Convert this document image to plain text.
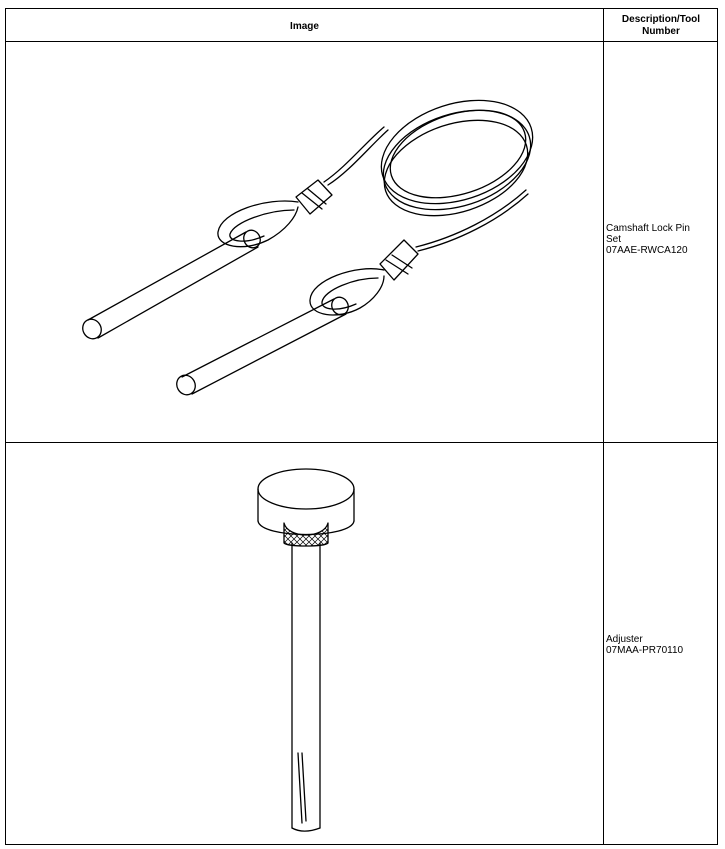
Image
Description/Tool
Number
Camshaft Lock Pin
Set
07AAE-RWCA120
Adjuster
07MAA-PR70110
